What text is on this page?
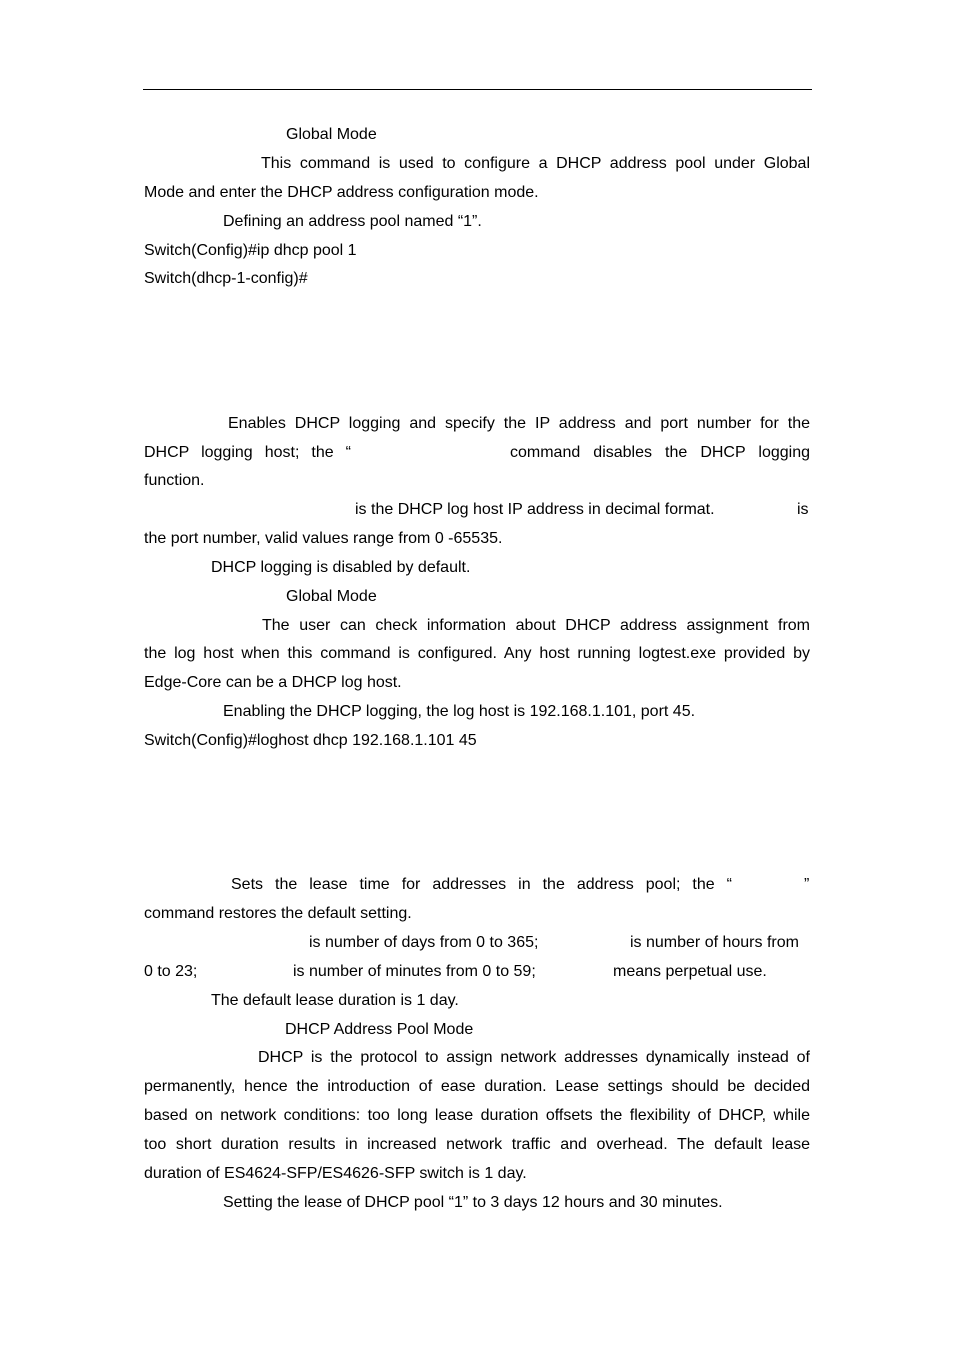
Global Mode
This command is used to configure a DHCP address pool under Global
Mode and enter the DHCP address configuration mode.
Defining an address pool named “1”.
Switch(Config)#ip dhcp pool 1
Switch(dhcp-1-config)#
Enables DHCP logging and specify the IP address and port number for the
DHCP logging host; the “	command disables the DHCP logging
function.
is the DHCP log host IP address in decimal format.	is
the port number, valid values range from 0 -65535.
DHCP logging is disabled by default.
Global Mode
The user can check information about DHCP address assignment from
the log host when this command is configured. Any host running logtest.exe provided by
Edge-Core can be a DHCP log host.
Enabling the DHCP logging, the log host is 192.168.1.101, port 45.
Switch(Config)#loghost dhcp 192.168.1.101 45
Sets the lease time for addresses in the address pool; the “	”
command restores the default setting.
is number of days from 0 to 365;	is number of hours from
0 to 23;	is number of minutes from 0 to 59;	means perpetual use.
The default lease duration is 1 day.
DHCP Address Pool Mode
DHCP is the protocol to assign network addresses dynamically instead of
permanently, hence the introduction of ease duration. Lease settings should be decided
based on network conditions: too long lease duration offsets the flexibility of DHCP, while
too short duration results in increased network traffic and overhead. The default lease
duration of ES4624-SFP/ES4626-SFP switch is 1 day.
Setting the lease of DHCP pool “1” to 3 days 12 hours and 30 minutes.
